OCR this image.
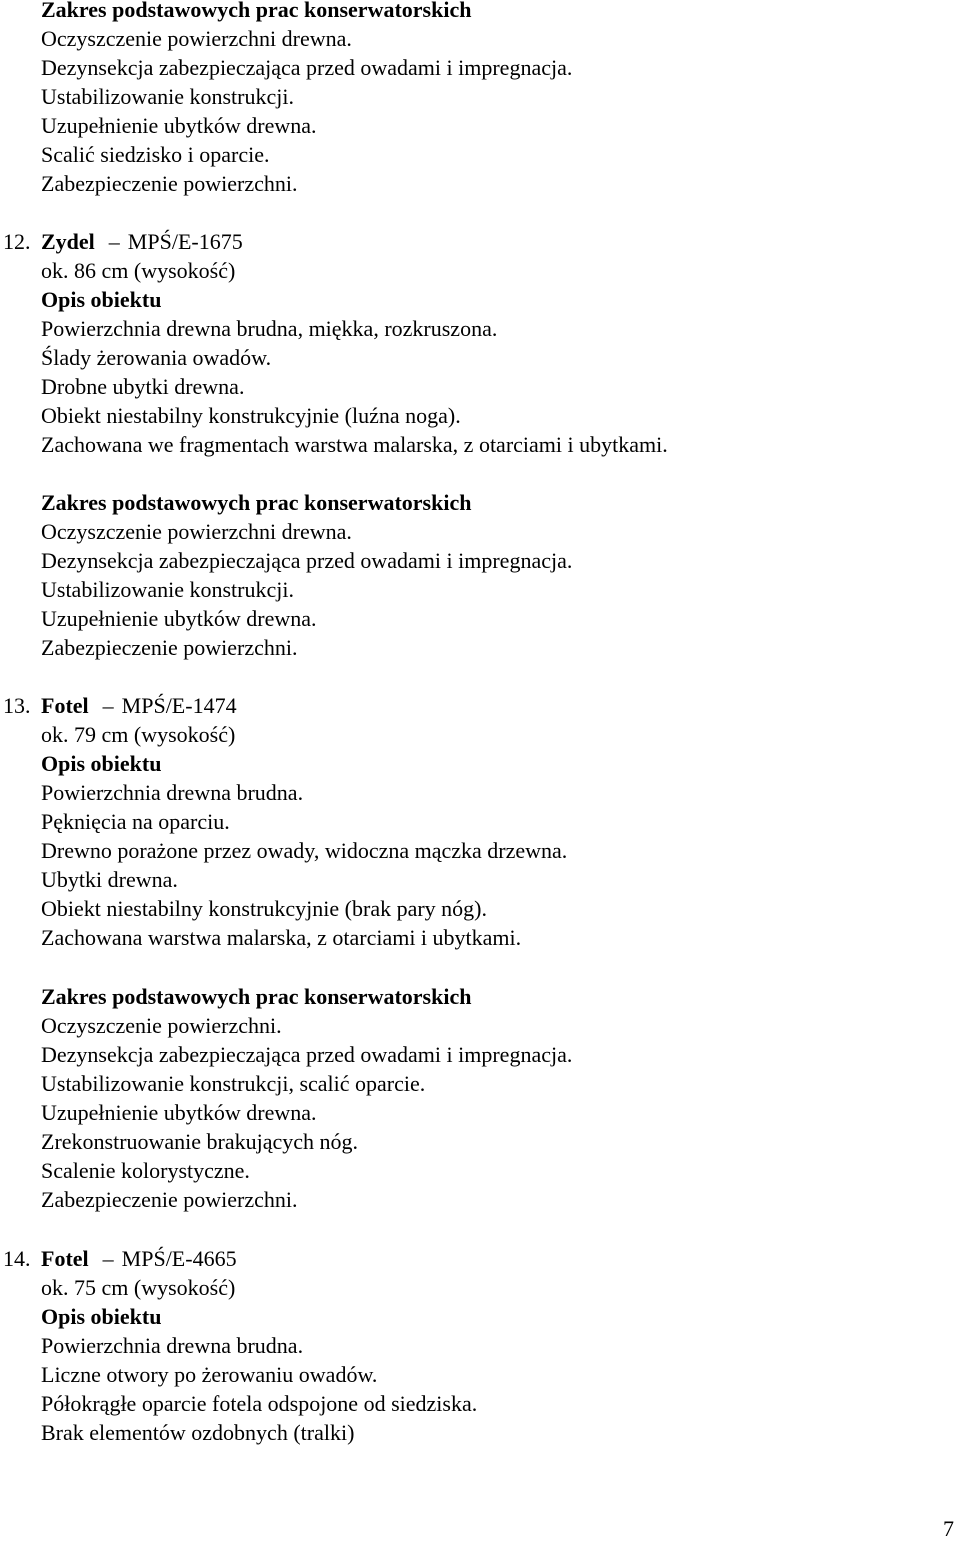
Zakres podstawowych prac konserwatorskich
Oczyszczenie powierzchni drewna.
Dezynsekcja zabezpieczająca przed owadami i impregnacja.
Ustabilizowanie konstrukcji.
Uzupełnienie ubytków drewna.
Scalić siedzisko i oparcie.
Zabezpieczenie powierzchni.
12. Zydel – MPŚ/E-1675
ok. 86 cm (wysokość)
Opis obiektu
Powierzchnia drewna brudna, miękka, rozkruszona.
Ślady żerowania owadów.
Drobne ubytki drewna.
Obiekt niestabilny konstrukcyjnie (luźna noga).
Zachowana we fragmentach warstwa malarska, z otarciami i ubytkami.
Zakres podstawowych prac konserwatorskich
Oczyszczenie powierzchni drewna.
Dezynsekcja zabezpieczająca przed owadami i impregnacja.
Ustabilizowanie konstrukcji.
Uzupełnienie ubytków drewna.
Zabezpieczenie powierzchni.
13. Fotel – MPŚ/E-1474
ok. 79 cm (wysokość)
Opis obiektu
Powierzchnia drewna brudna.
Pęknięcia na oparciu.
Drewno porażone przez owady, widoczna mączka drzewna.
Ubytki drewna.
Obiekt niestabilny konstrukcyjnie (brak pary nóg).
Zachowana warstwa malarska, z otarciami i ubytkami.
Zakres podstawowych prac konserwatorskich
Oczyszczenie powierzchni.
Dezynsekcja zabezpieczająca przed owadami i impregnacja.
Ustabilizowanie konstrukcji, scalić oparcie.
Uzupełnienie ubytków drewna.
Zrekonstruowanie brakujących nóg.
Scalenie kolorystyczne.
Zabezpieczenie powierzchni.
14. Fotel – MPŚ/E-4665
ok. 75 cm (wysokość)
Opis obiektu
Powierzchnia drewna brudna.
Liczne otwory po żerowaniu owadów.
Półokrągłe oparcie fotela odspojone od siedziska.
Brak elementów ozdobnych (tralki)
7
